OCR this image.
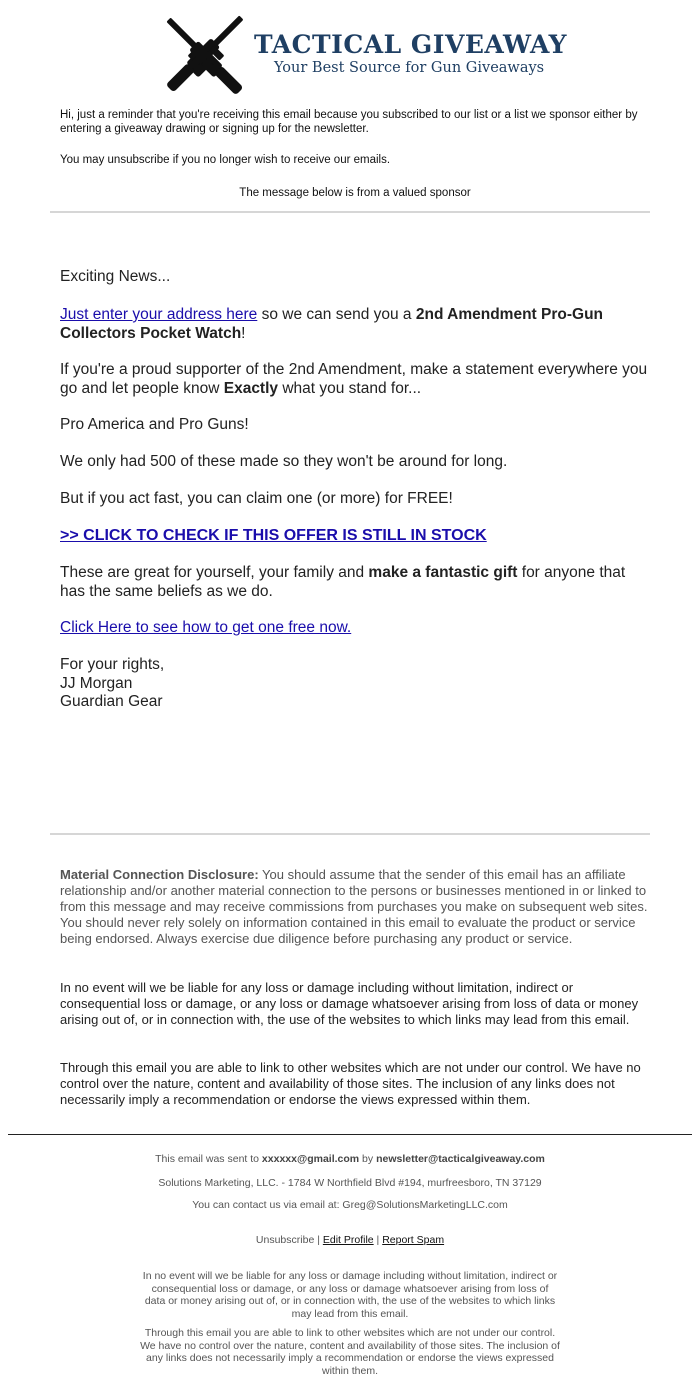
TACTICAL GIVEAWAY
Your Best Source for Gun Giveaways
Hi, just a reminder that you're receiving this email because you subscribed to our list or a list we sponsor either by entering a giveaway drawing or signing up for the newsletter.
You may unsubscribe if you no longer wish to receive our emails.
The message below is from a valued sponsor
Exciting News...
Just enter your address here so we can send you a 2nd Amendment Pro-Gun Collectors Pocket Watch!
If you're a proud supporter of the 2nd Amendment, make a statement everywhere you go and let people know Exactly what you stand for...
Pro America and Pro Guns!
We only had 500 of these made so they won't be around for long.
But if you act fast, you can claim one (or more) for FREE!
>> CLICK TO CHECK IF THIS OFFER IS STILL IN STOCK
These are great for yourself, your family and make a fantastic gift for anyone that has the same beliefs as we do.
Click Here to see how to get one free now.
For your rights,
JJ Morgan
Guardian Gear
Material Connection Disclosure: You should assume that the sender of this email has an affiliate relationship and/or another material connection to the persons or businesses mentioned in or linked to from this message and may receive commissions from purchases you make on subsequent web sites. You should never rely solely on information contained in this email to evaluate the product or service being endorsed. Always exercise due diligence before purchasing any product or service.
In no event will we be liable for any loss or damage including without limitation, indirect or consequential loss or damage, or any loss or damage whatsoever arising from loss of data or money arising out of, or in connection with, the use of the websites to which links may lead from this email.
Through this email you are able to link to other websites which are not under our control. We have no control over the nature, content and availability of those sites. The inclusion of any links does not necessarily imply a recommendation or endorse the views expressed within them.
This email was sent to xxxxxx@gmail.com by newsletter@tacticalgiveaway.com
Solutions Marketing, LLC. - 1784 W Northfield Blvd #194, murfreesboro, TN 37129
You can contact us via email at: Greg@SolutionsMarketingLLC.com
Unsubscribe | Edit Profile | Report Spam
In no event will we be liable for any loss or damage including without limitation, indirect or consequential loss or damage, or any loss or damage whatsoever arising from loss of data or money arising out of, or in connection with, the use of the websites to which links may lead from this email.
Through this email you are able to link to other websites which are not under our control. We have no control over the nature, content and availability of those sites. The inclusion of any links does not necessarily imply a recommendation or endorse the views expressed within them.
